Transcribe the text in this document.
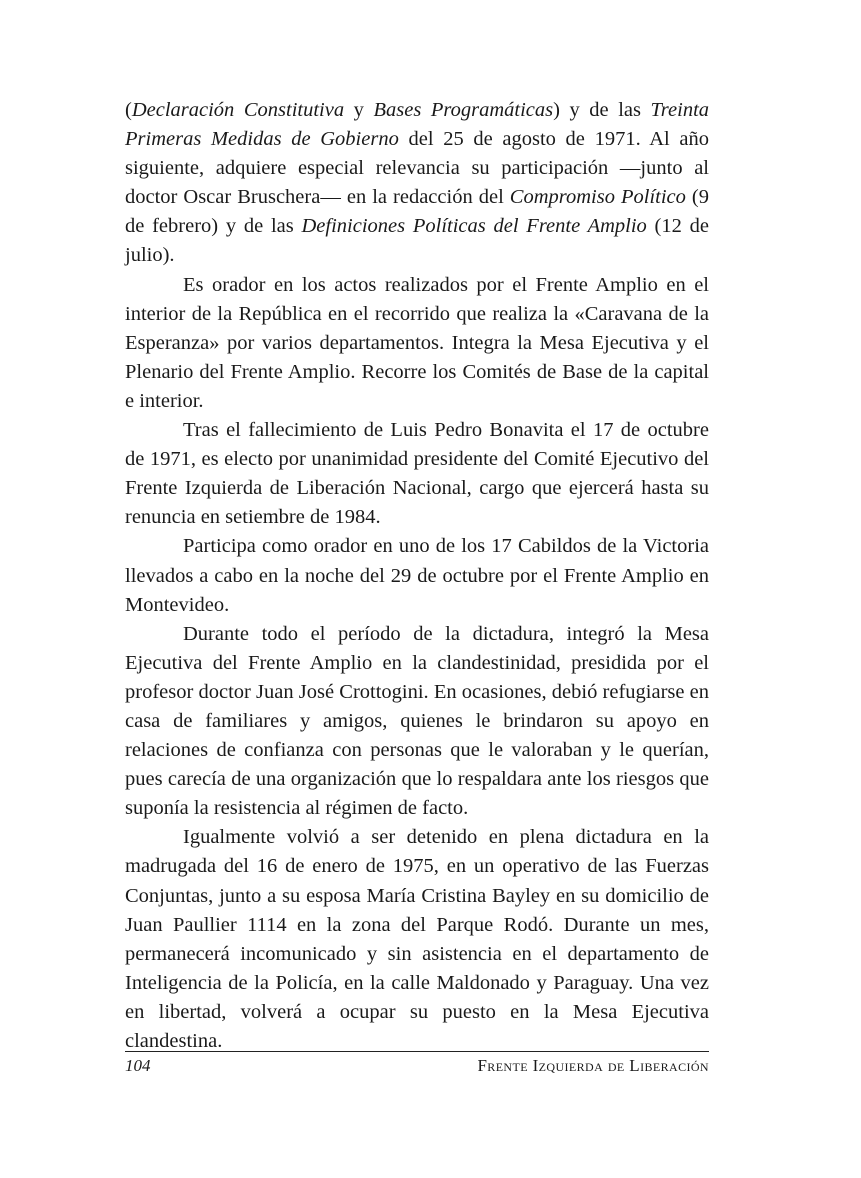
(Declaración Constitutiva y Bases Programáticas) y de las Treinta Primeras Medidas de Gobierno del 25 de agosto de 1971. Al año siguiente, adquiere especial relevancia su participación —junto al doctor Oscar Bruschera— en la redacción del Compromiso Político (9 de febrero) y de las Definiciones Políticas del Frente Amplio (12 de julio).

Es orador en los actos realizados por el Frente Amplio en el interior de la República en el recorrido que realiza la «Caravana de la Esperanza» por varios departamentos. Integra la Mesa Ejecutiva y el Plenario del Frente Amplio. Recorre los Comités de Base de la capital e interior.

Tras el fallecimiento de Luis Pedro Bonavita el 17 de octubre de 1971, es electo por unanimidad presidente del Comité Ejecutivo del Frente Izquierda de Liberación Nacional, cargo que ejercerá hasta su renuncia en setiembre de 1984.

Participa como orador en uno de los 17 Cabildos de la Victoria llevados a cabo en la noche del 29 de octubre por el Frente Amplio en Montevideo.

Durante todo el período de la dictadura, integró la Mesa Ejecutiva del Frente Amplio en la clandestinidad, presidida por el profesor doctor Juan José Crottogini. En ocasiones, debió refugiarse en casa de familiares y amigos, quienes le brindaron su apoyo en relaciones de confianza con personas que le valoraban y le querían, pues carecía de una organización que lo respaldara ante los riesgos que suponía la resistencia al régimen de facto.

Igualmente volvió a ser detenido en plena dictadura en la madrugada del 16 de enero de 1975, en un operativo de las Fuerzas Conjuntas, junto a su esposa María Cristina Bayley en su domicilio de Juan Paullier 1114 en la zona del Parque Rodó. Durante un mes, permanecerá incomunicado y sin asistencia en el departamento de Inteligencia de la Policía, en la calle Maldonado y Paraguay. Una vez en libertad, volverá a ocupar su puesto en la Mesa Ejecutiva clandestina.

104	Frente Izquierda de Liberación
